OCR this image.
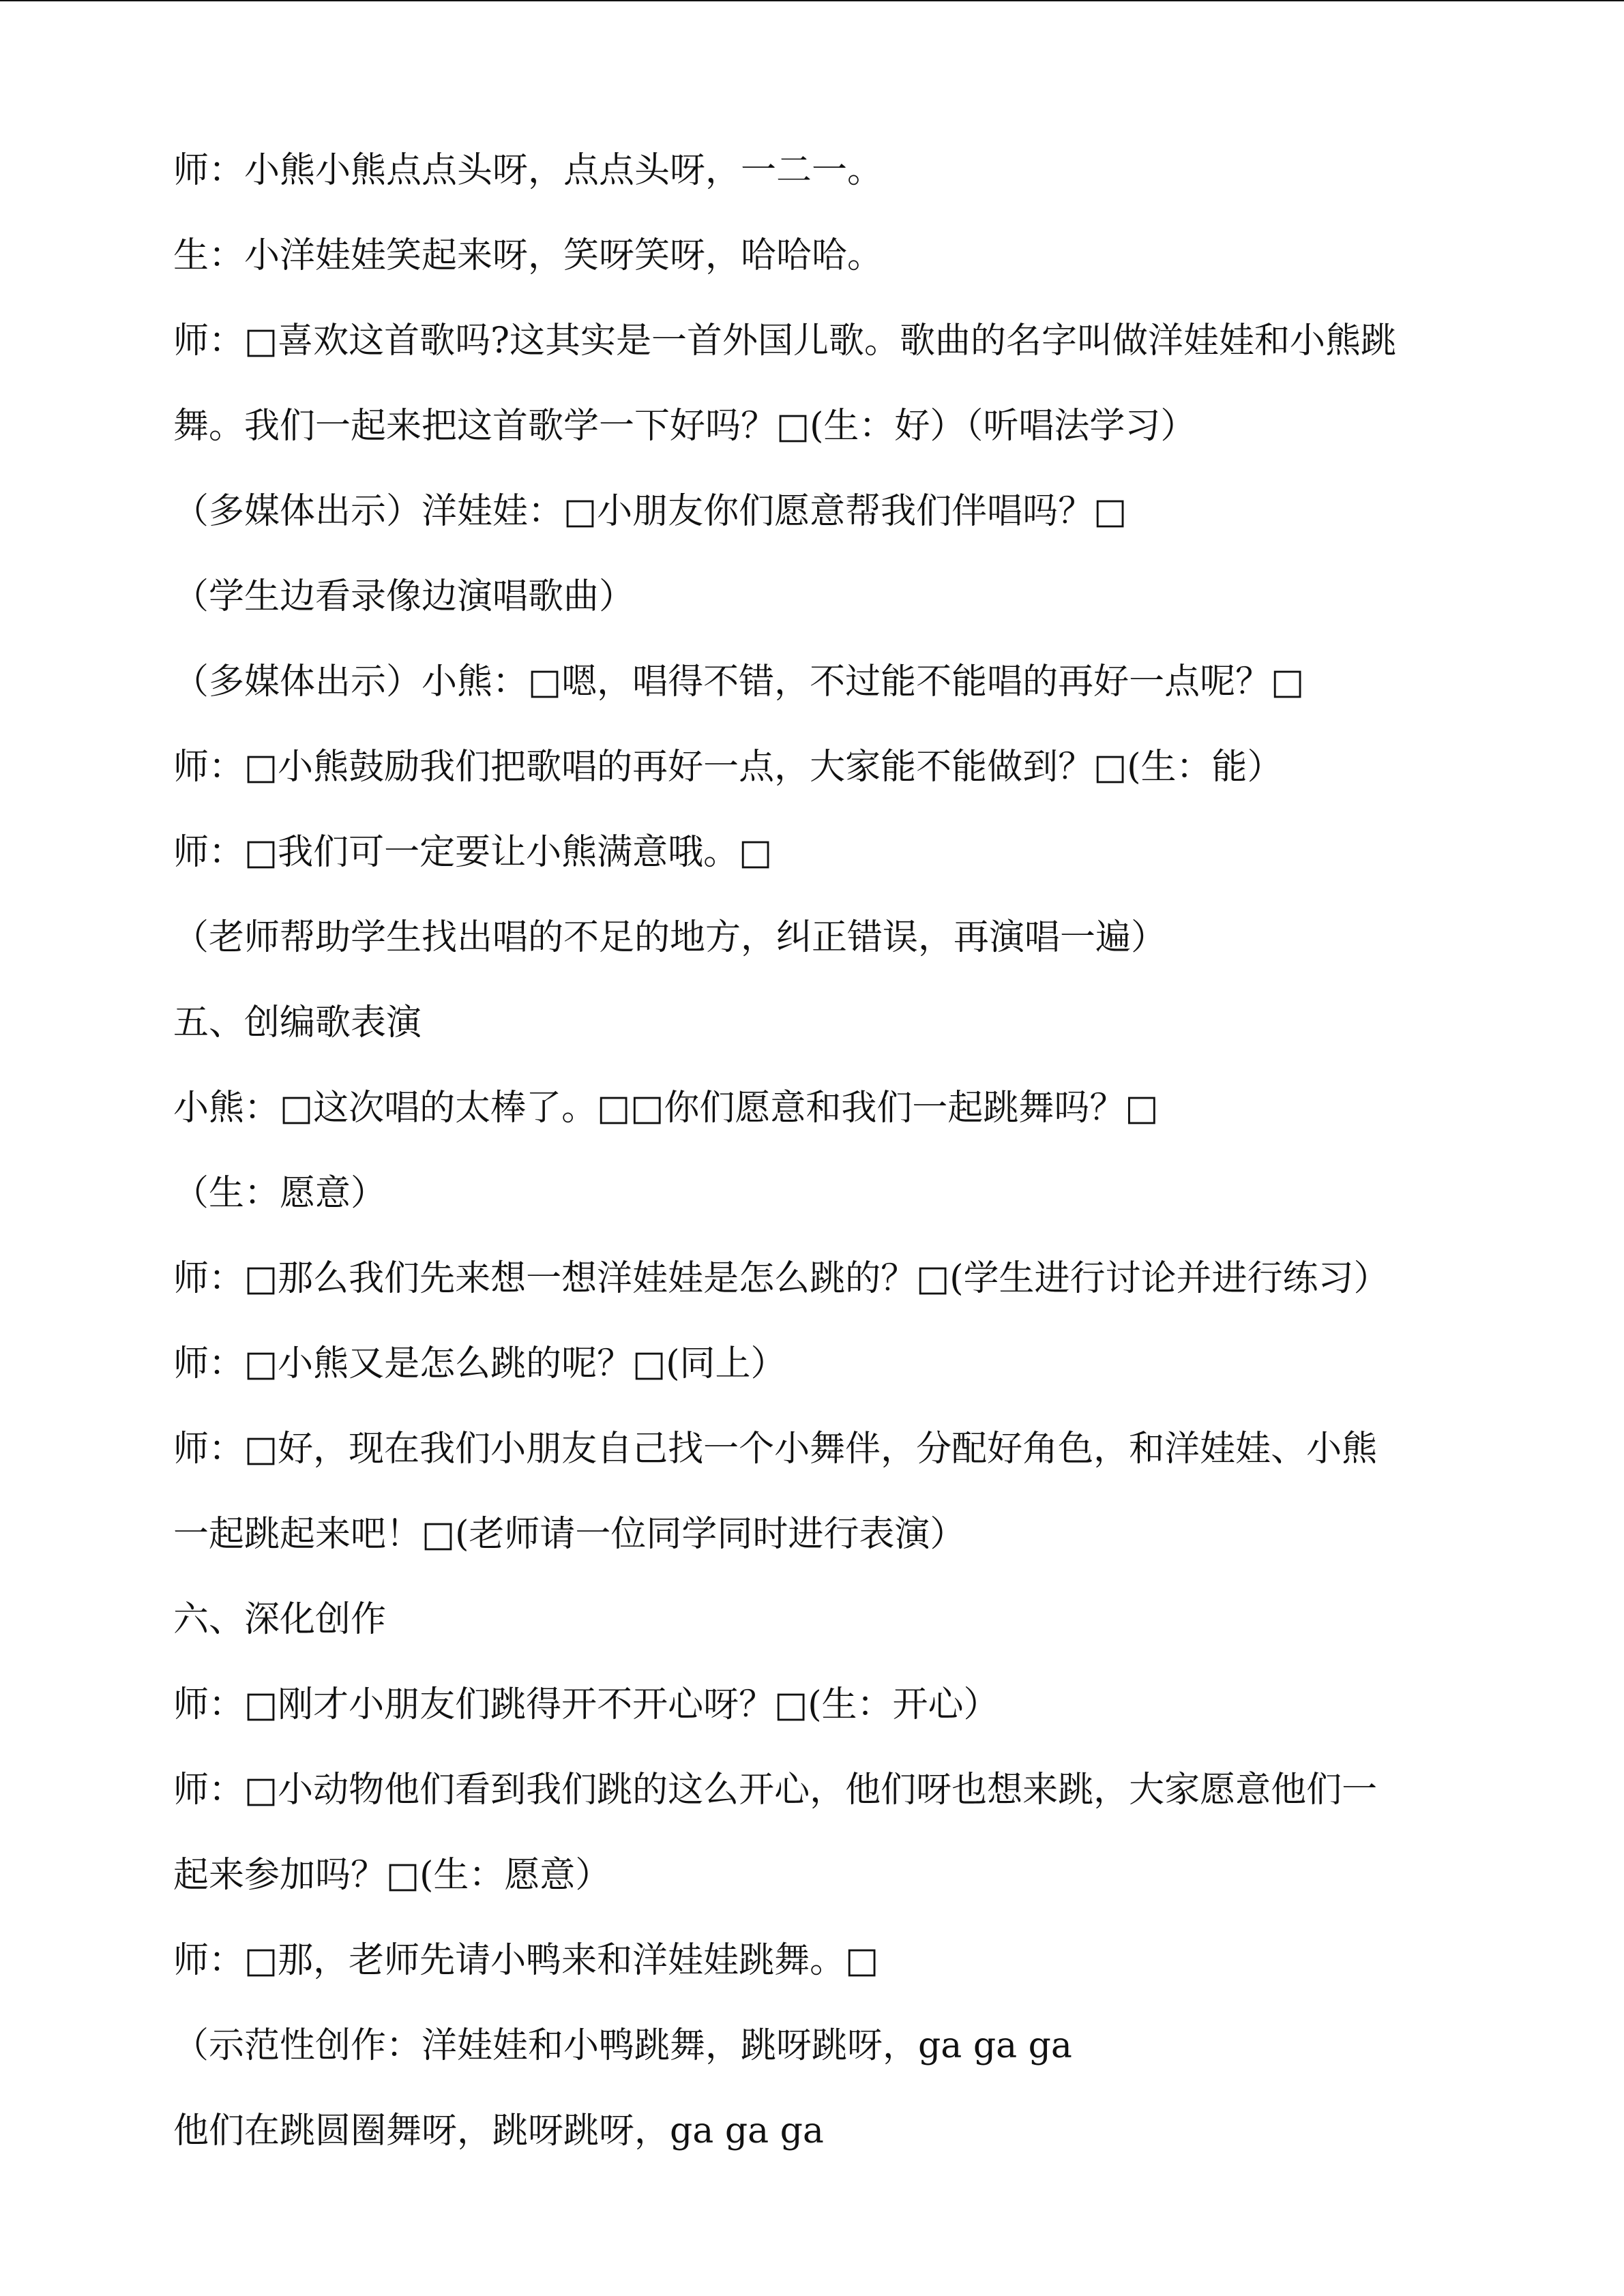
师：小熊小熊点点头呀，点点头呀，一二一。
生：小洋娃娃笑起来呀，笑呀笑呀，哈哈哈。
师：□喜欢这首歌吗?这其实是一首外国儿歌。歌曲的名字叫做洋娃娃和小熊跳
舞。我们一起来把这首歌学一下好吗？□(生：好）（听唱法学习）
（多媒体出示）洋娃娃：□小朋友你们愿意帮我们伴唱吗？□
（学生边看录像边演唱歌曲）
（多媒体出示）小熊：□嗯，唱得不错，不过能不能唱的再好一点呢？□
师：□小熊鼓励我们把歌唱的再好一点，大家能不能做到？□(生：能）
师：□我们可一定要让小熊满意哦。□
（老师帮助学生找出唱的不足的地方，纠正错误，再演唱一遍）
五、创编歌表演
小熊：□这次唱的太棒了。□□你们愿意和我们一起跳舞吗？□
（生：愿意）
师：□那么我们先来想一想洋娃娃是怎么跳的？□(学生进行讨论并进行练习）
师：□小熊又是怎么跳的呢？□(同上）
师：□好，现在我们小朋友自己找一个小舞伴，分配好角色，和洋娃娃、小熊
一起跳起来吧！□(老师请一位同学同时进行表演）
六、深化创作
师：□刚才小朋友们跳得开不开心呀？□(生：开心）
师：□小动物他们看到我们跳的这么开心，他们呀也想来跳，大家愿意他们一
起来参加吗？□(生：愿意）
师：□那，老师先请小鸭来和洋娃娃跳舞。□
（示范性创作：洋娃娃和小鸭跳舞，跳呀跳呀，ga ga ga
他们在跳圆圈舞呀，跳呀跳呀，ga ga ga
